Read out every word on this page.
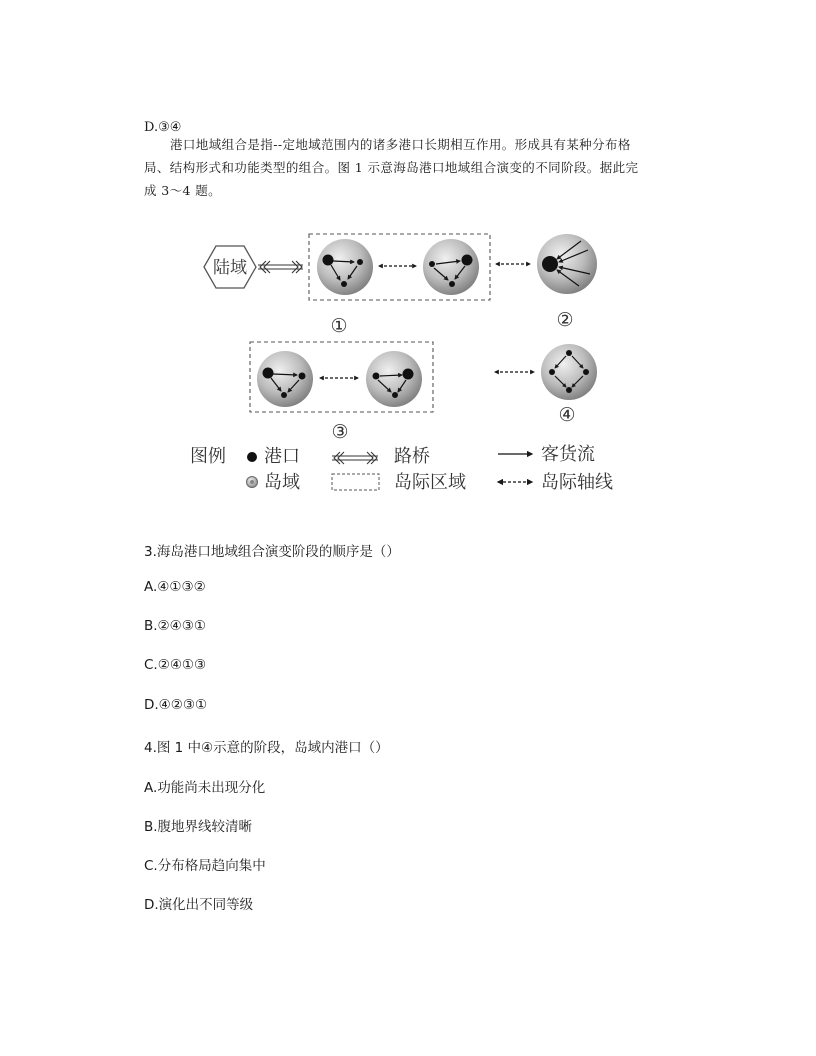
D.③④
港口地域组合是指--定地域范围内的诸多港口长期相互作用。形成具有某种分布格
局、结构形式和功能类型的组合。图 1 示意海岛港口地域组合演变的不同阶段。据此完
成 3～4 题。
陆域
①	②
③
④
图例 港口
岛域
路桥
岛际区域
客货流
岛际轴线
3.海岛港口地域组合演变阶段的顺序是（）
A.④①③②
B.②④③①
C.②④①③
D.④②③①
4.图 1 中④示意的阶段，岛域内港口（）
A.功能尚未出现分化
B.腹地界线较清晰
C.分布格局趋向集中
D.演化出不同等级
